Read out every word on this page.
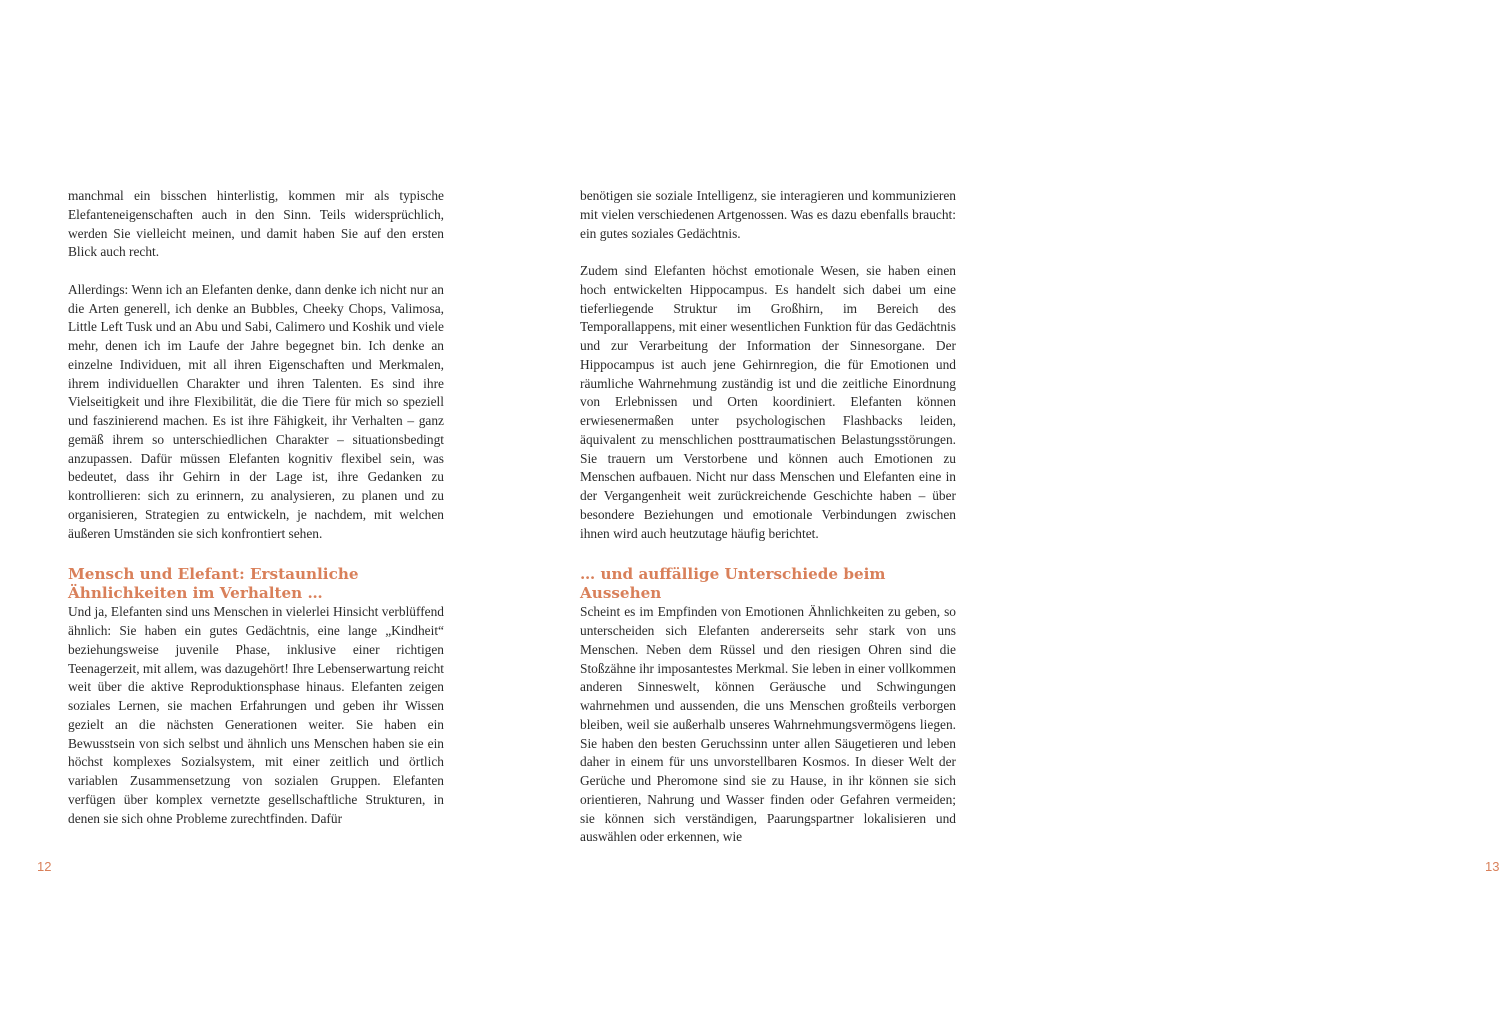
manchmal ein bisschen hinterlistig, kommen mir als typische Elefanteneigenschaften auch in den Sinn. Teils widersprüchlich, werden Sie vielleicht meinen, und damit haben Sie auf den ersten Blick auch recht.

Allerdings: Wenn ich an Elefanten denke, dann denke ich nicht nur an die Arten generell, ich denke an Bubbles, Cheeky Chops, Valimosa, Little Left Tusk und an Abu und Sabi, Calimero und Koshik und viele mehr, denen ich im Laufe der Jahre begegnet bin. Ich denke an einzelne Individuen, mit all ihren Eigenschaften und Merkmalen, ihrem individuellen Charakter und ihren Talenten. Es sind ihre Vielseitigkeit und ihre Flexibilität, die die Tiere für mich so speziell und faszinierend machen. Es ist ihre Fähigkeit, ihr Verhalten – ganz gemäß ihrem so unterschiedlichen Charakter – situationsbedingt anzupassen. Dafür müssen Elefanten kognitiv flexibel sein, was bedeutet, dass ihr Gehirn in der Lage ist, ihre Gedanken zu kontrollieren: sich zu erinnern, zu analysieren, zu planen und zu organisieren, Strategien zu entwickeln, je nachdem, mit welchen äußeren Umständen sie sich konfrontiert sehen.

Mensch und Elefant: Erstaunliche Ähnlichkeiten im Verhalten …

Und ja, Elefanten sind uns Menschen in vielerlei Hinsicht verblüffend ähnlich: Sie haben ein gutes Gedächtnis, eine lange „Kindheit“ beziehungsweise juvenile Phase, inklusive einer richtigen Teenagerzeit, mit allem, was dazugehört! Ihre Lebenserwartung reicht weit über die aktive Reproduktionsphase hinaus. Elefanten zeigen soziales Lernen, sie machen Erfahrungen und geben ihr Wissen gezielt an die nächsten Generationen weiter. Sie haben ein Bewusstsein von sich selbst und ähnlich uns Menschen haben sie ein höchst komplexes Sozialsystem, mit einer zeitlich und örtlich variablen Zusammensetzung von sozialen Gruppen. Elefanten verfügen über komplex vernetzte gesellschaftliche Strukturen, in denen sie sich ohne Probleme zurechtfinden. Dafür

12

benötigen sie soziale Intelligenz, sie interagieren und kommunizieren mit vielen verschiedenen Artgenossen. Was es dazu ebenfalls braucht: ein gutes soziales Gedächtnis.

Zudem sind Elefanten höchst emotionale Wesen, sie haben einen hoch entwickelten Hippocampus. Es handelt sich dabei um eine tieferliegende Struktur im Großhirn, im Bereich des Temporallappens, mit einer wesentlichen Funktion für das Gedächtnis und zur Verarbeitung der Information der Sinnesorgane. Der Hippocampus ist auch jene Gehirnregion, die für Emotionen und räumliche Wahrnehmung zuständig ist und die zeitliche Einordnung von Erlebnissen und Orten koordiniert. Elefanten können erwiesenermaßen unter psychologischen Flashbacks leiden, äquivalent zu menschlichen posttraumatischen Belastungsstörungen. Sie trauern um Verstorbene und können auch Emotionen zu Menschen aufbauen. Nicht nur dass Menschen und Elefanten eine in der Vergangenheit weit zurückreichende Geschichte haben – über besondere Beziehungen und emotionale Verbindungen zwischen ihnen wird auch heutzutage häufig berichtet.

… und auffällige Unterschiede beim Aussehen

Scheint es im Empfinden von Emotionen Ähnlichkeiten zu geben, so unterscheiden sich Elefanten andererseits sehr stark von uns Menschen. Neben dem Rüssel und den riesigen Ohren sind die Stoßzähne ihr imposantestes Merkmal. Sie leben in einer vollkommen anderen Sinneswelt, können Geräusche und Schwingungen wahrnehmen und aussenden, die uns Menschen großteils verborgen bleiben, weil sie außerhalb unseres Wahrnehmungsvermögens liegen. Sie haben den besten Geruchssinn unter allen Säugetieren und leben daher in einem für uns unvorstellbaren Kosmos. In dieser Welt der Gerüche und Pheromone sind sie zu Hause, in ihr können sie sich orientieren, Nahrung und Wasser finden oder Gefahren vermeiden; sie können sich verständigen, Paarungspartner lokalisieren und auswählen oder erkennen, wie

13
